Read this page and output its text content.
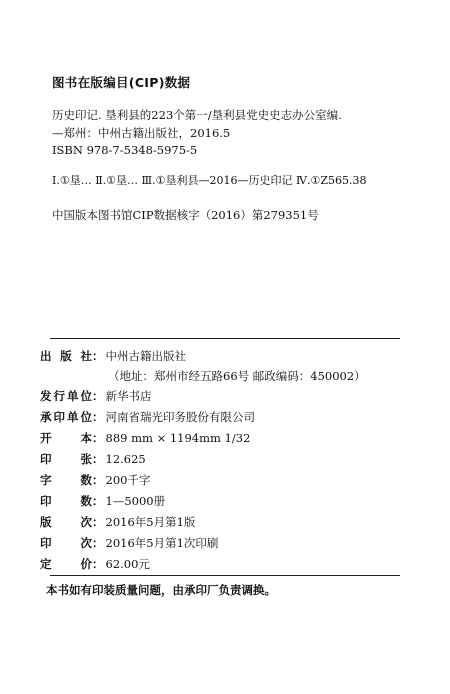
图书在版编目(CIP)数据
历史印记. 垦利县的223个第一/垦利县党史史志办公室编.
—郑州：中州古籍出版社，2016.5
ISBN 978-7-5348-5975-5
Ⅰ.①垦… Ⅱ.①垦… Ⅲ.①垦利县—2016—历史印记 Ⅳ.①Z565.38
中国版本图书馆CIP数据核字（2016）第279351号
出 版 社： 中州古籍出版社
（地址：郑州市经五路66号 邮政编码：450002）
发行单位： 新华书店
承印单位： 河南省瑞光印务股份有限公司
开 本： 889 mm × 1194mm 1/32
印 张： 12.625
字 数： 200千字
印 数： 1—5000册
版 次： 2016年5月第1版
印 次： 2016年5月第1次印刷
定 价： 62.00元
本书如有印装质量问题，由承印厂负责调换。
